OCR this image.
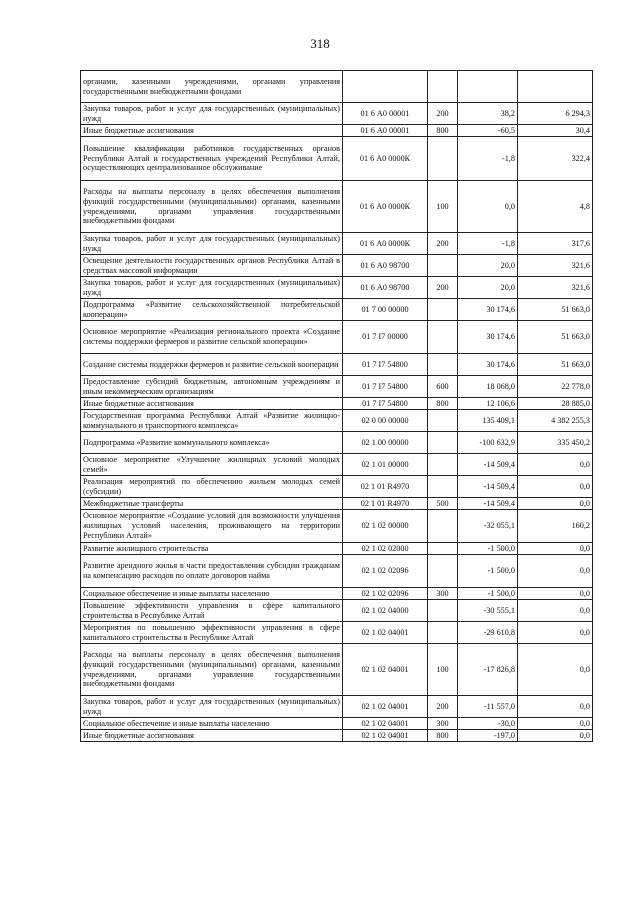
318
органами, казенными учреждениями, органами управления государственными внебюджетными фондами				
Закупка товаров, работ и услуг для государственных (муниципальных) нужд	01 6 А0 00001	200	38,2	6 294,3
Иные бюджетные ассигнования	01 6 А0 00001	800	-60,5	30,4
Повышение квалификации работников государственных органов Республики Алтай и государственных учреждений Республики Алтай, осуществляющих централизованное обслуживание	01 6 А0 0000К		-1,8	322,4
Расходы на выплаты персоналу в целях обеспечения выполнения функций государственными (муниципальными) органами, казенными учреждениями, органами управления государственными внебюджетными фондами	01 6 А0 0000К	100	0,0	4,8
Закупка товаров, работ и услуг для государственных (муниципальных) нужд	01 6 А0 0000К	200	-1,8	317,6
Освещение деятельности государственных органов Республики Алтай в средствах массовой информации	01 6 А0 98700		20,0	321,6
Закупка товаров, работ и услуг для государственных (муниципальных) нужд	01 6 А0 98700	200	20,0	321,6
Подпрограмма «Развитие сельскохозяйственной потребительской кооперации»	01 7 00 00000		30 174,6	51 663,0
Основное мероприятие «Реализация регионального проекта «Создание системы поддержки фермеров и развитие сельской кооперации»	01 7 I7 00000		30 174,6	51 663,0
Создание системы поддержки фермеров и развитие сельской кооперации	01 7 I7 54800		30 174,6	51 663,0
Предоставление субсидий бюджетным, автономным учреждениям и иным некоммерческим организациям	01 7 I7 54800	600	18 068,0	22 778,0
Иные бюджетные ассигнования	01 7 I7 54800	800	12 106,6	28 885,0
Государственная программа Республики Алтай «Развитие жилищно-коммунального и транспортного комплекса»	02 0 00 00000		135 409,1	4 382 255,3
Подпрограмма «Развитие коммунального комплекса»	02 1 00 00000		-100 632,9	335 450,2
Основное мероприятие «Улучшение жилищных условий молодых семей»	02 1 01 00000		-14 509,4	0,0
Реализация мероприятий по обеспечению жильем молодых семей (субсидии)	02 1 01 R4970		-14 509,4	0,0
Межбюджетные трансферты	02 1 01 R4970	500	-14 509,4	0,0
Основное мероприятие «Создание условий для возможности улучшения жилищных условий населения, проживающего на территории Республики Алтай»	02 1 02 00000		-32 055,1	160,2
Развитие жилищного строительства	02 1 02 02000		-1 500,0	0,0
Развитие арендного жилья в части предоставления субсидии гражданам на компенсацию расходов по оплате договоров найма	02 1 02 02096		-1 500,0	0,0
Социальное обеспечение и иные выплаты населению	02 1 02 02096	300	-1 500,0	0,0
Повышение эффективности управления в сфере капитального строительства в Республике Алтай	02 1 02 04000		-30 555,1	0,0
Мероприятия по повышению эффективности управления в сфере капитального строительства в Республике Алтай	02 1 02 04001		-29 610,8	0,0
Расходы на выплаты персоналу в целях обеспечения выполнения функций государственными (муниципальными) органами, казенными учреждениями, органами управления государственными внебюджетными фондами	02 1 02 04001	100	-17 826,8	0,0
Закупка товаров, работ и услуг для государственных (муниципальных) нужд	02 1 02 04001	200	-11 557,0	0,0
Социальное обеспечение и иные выплаты населению	02 1 02 04001	300	-30,0	0,0
Иные бюджетные ассигнования	02 1 02 04001	800	-197,0	0,0
